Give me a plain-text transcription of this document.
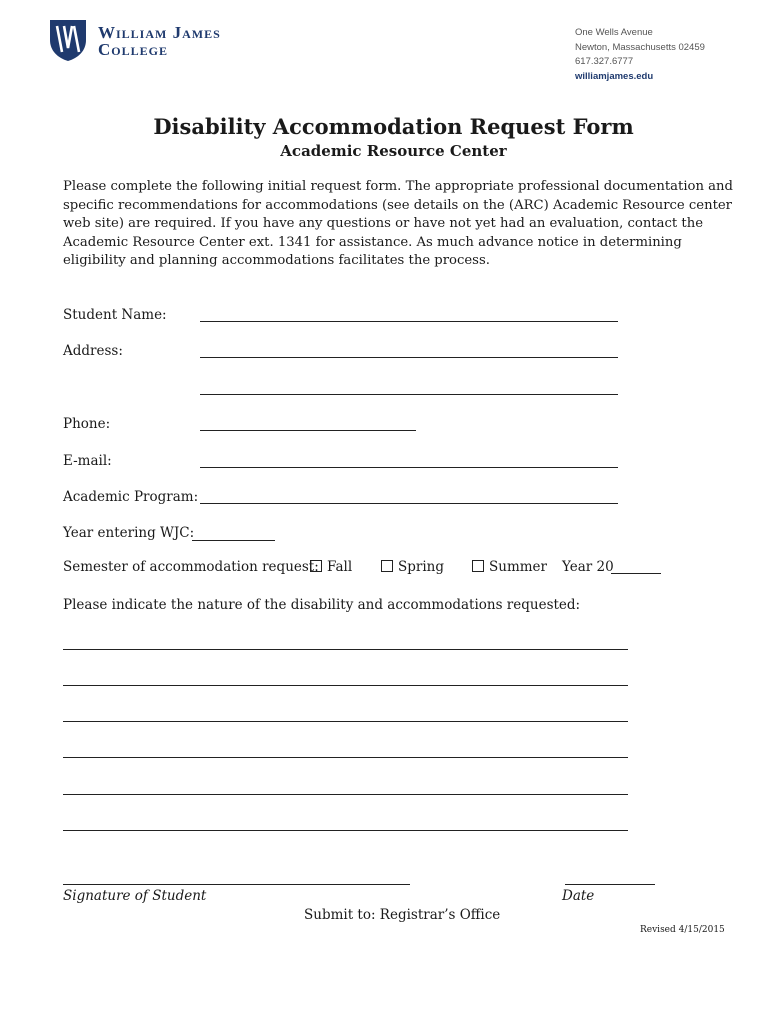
William James
College
One Wells Avenue
Newton, Massachusetts 02459
617.327.6777
williamjames.edu
Disability Accommodation Request Form
Academic Resource Center
Please complete the following initial request form. The appropriate professional documentation and specific recommendations for accommodations (see details on the (ARC) Academic Resource center web site) are required. If you have any questions or have not yet had an evaluation, contact the Academic Resource Center ext. 1341 for assistance. As much advance notice in determining eligibility and planning accommodations facilitates the process.
Student Name:
Address:
Phone:
E-mail:
Academic Program:
Year entering WJC:
Semester of accommodation request: Fall	Spring	Summer Year 20
Please indicate the nature of the disability and accommodations requested:
Signature of Student	Date
Submit to: Registrar’s Office
Revised 4/15/2015
